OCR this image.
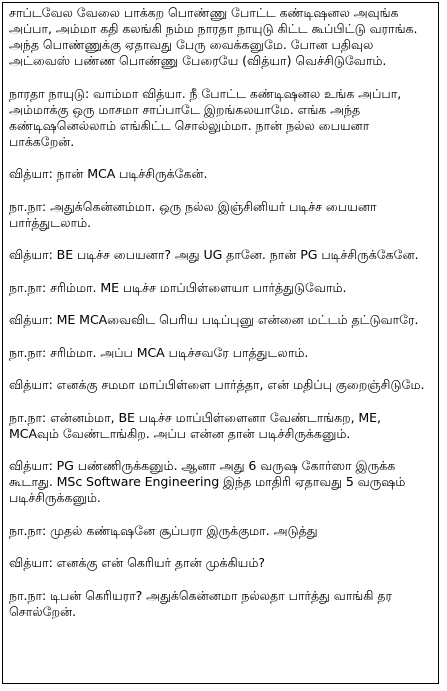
சாப்டவேல வேலை பாக்கற பொண்ணு போட்ட கண்டிஷனல அவுங்க அப்பா, அம்மா கதி கலங்கி நம்ம நாரதா நாயுடு கிட்ட கூப்பிட்டு வராங்க. அந்த பொண்ணுக்கு ஏதாவது பேரு வைக்கனுமே. போன பதிவுல அட்வைஸ் பண்ண பொண்ணு பேரையே (வித்யா) வெச்சிடுவோம்.

நாரதா நாயுடு: வாம்மா வித்யா. நீ போட்ட கண்டிஷனல உங்க அப்பா, அம்மாக்கு ஒரு மாசமா சாப்பாடே இறங்கலயாமே. எங்க அந்த கண்டிஷனெல்லாம் எங்கிட்ட சொல்லும்மா. நான் நல்ல பையனா பாக்கறேன்.

வித்யா: நான் MCA படிச்சிருக்கேன்.

நா.நா: அதுக்கென்னம்மா. ஒரு நல்ல இஞ்சினியர் படிச்ச பையனா பார்த்துடலாம்.

வித்யா: BE படிச்ச பையனா? அது UG தானே. நான் PG படிச்சிருக்கேனே.

நா.நா: சரிம்மா. ME படிச்ச மாப்பிள்ளையா பார்த்துடுவோம்.

வித்யா: ME MCAவைவிட பெரிய படிப்புனு என்னை மட்டம் தட்டுவாரே.

நா.நா: சரிம்மா. அப்ப MCA படிச்சவரே பாத்துடலாம்.

வித்யா: எனக்கு சமமா மாப்பிள்ளை பார்த்தா, என் மதிப்பு குறைஞ்சிடுமே.

நா.நா: என்னம்மா, BE படிச்ச மாப்பிள்ளைனா வேண்டாங்கற, ME, MCAவும் வேண்டாங்கிற. அப்ப என்ன தான் படிச்சிருக்கனும்.

வித்யா: PG பண்ணிருக்கனும். ஆனா அது 6 வருஷ கோர்ஸா இருக்க கூடாது. MSc Software Engineering இந்த மாதிரி ஏதாவது 5 வருஷம் படிச்சிருக்கனும்.

நா.நா: முதல் கண்டிஷனே சூப்பரா இருக்குமா. அடுத்து

வித்யா: எனக்கு என் கெரியர் தான் முக்கியம்?

நா.நா: டிபன் கெரியரா? அதுக்கென்னமா நல்லதா பார்த்து வாங்கி தர சொல்றேன்.
